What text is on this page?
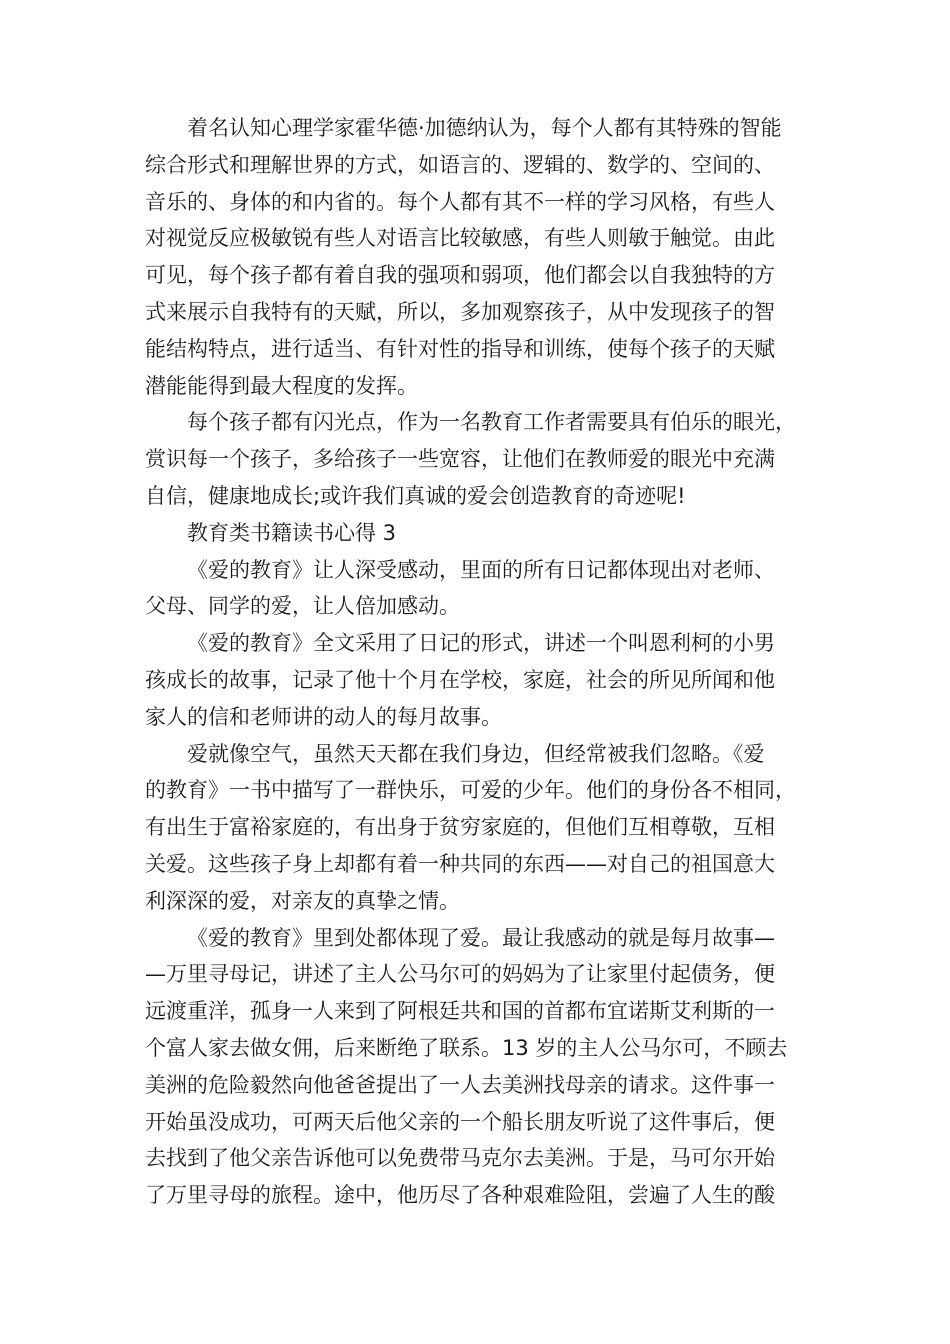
着名认知心理学家霍华德·加德纳认为，每个人都有其特殊的智能
综合形式和理解世界的方式，如语言的、逻辑的、数学的、空间的、
音乐的、身体的和内省的。每个人都有其不一样的学习风格，有些人
对视觉反应极敏锐有些人对语言比较敏感，有些人则敏于触觉。由此
可见，每个孩子都有着自我的强项和弱项，他们都会以自我独特的方
式来展示自我特有的天赋，所以，多加观察孩子，从中发现孩子的智
能结构特点，进行适当、有针对性的指导和训练，使每个孩子的天赋
潜能能得到最大程度的发挥。
每个孩子都有闪光点，作为一名教育工作者需要具有伯乐的眼光，
赏识每一个孩子，多给孩子一些宽容，让他们在教师爱的眼光中充满
自信，健康地成长;或许我们真诚的爱会创造教育的奇迹呢!
教育类书籍读书心得 3
《爱的教育》让人深受感动，里面的所有日记都体现出对老师、
父母、同学的爱，让人倍加感动。
《爱的教育》全文采用了日记的形式，讲述一个叫恩利柯的小男
孩成长的故事，记录了他十个月在学校，家庭，社会的所见所闻和他
家人的信和老师讲的动人的每月故事。
爱就像空气，虽然天天都在我们身边，但经常被我们忽略。《爱
的教育》一书中描写了一群快乐，可爱的少年。他们的身份各不相同，
有出生于富裕家庭的，有出身于贫穷家庭的，但他们互相尊敬，互相
关爱。这些孩子身上却都有着一种共同的东西——对自己的祖国意大
利深深的爱，对亲友的真挚之情。
《爱的教育》里到处都体现了爱。最让我感动的就是每月故事—
—万里寻母记，讲述了主人公马尔可的妈妈为了让家里付起债务，便
远渡重洋，孤身一人来到了阿根廷共和国的首都布宜诺斯艾利斯的一
个富人家去做女佣，后来断绝了联系。13 岁的主人公马尔可，不顾去
美洲的危险毅然向他爸爸提出了一人去美洲找母亲的请求。这件事一
开始虽没成功，可两天后他父亲的一个船长朋友听说了这件事后，便
去找到了他父亲告诉他可以免费带马克尔去美洲。于是，马可尔开始
了万里寻母的旅程。途中，他历尽了各种艰难险阻，尝遍了人生的酸
